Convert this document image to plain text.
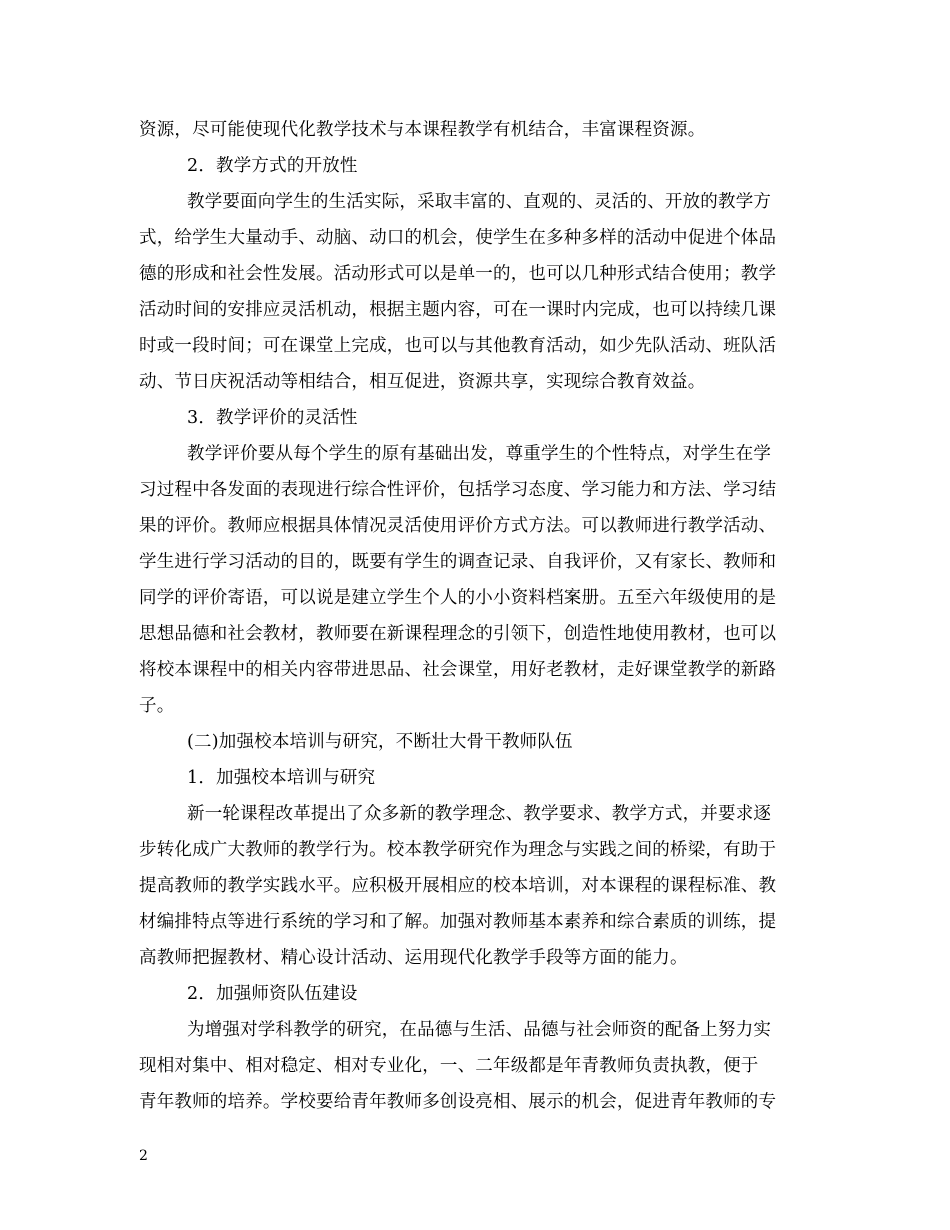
资源，尽可能使现代化教学技术与本课程教学有机结合，丰富课程资源。
2．教学方式的开放性
教学要面向学生的生活实际，采取丰富的、直观的、灵活的、开放的教学方
式，给学生大量动手、动脑、动口的机会，使学生在多种多样的活动中促进个体品
德的形成和社会性发展。活动形式可以是单一的，也可以几种形式结合使用；教学
活动时间的安排应灵活机动，根据主题内容，可在一课时内完成，也可以持续几课
时或一段时间；可在课堂上完成，也可以与其他教育活动，如少先队活动、班队活
动、节日庆祝活动等相结合，相互促进，资源共享，实现综合教育效益。
3．教学评价的灵活性
教学评价要从每个学生的原有基础出发，尊重学生的个性特点，对学生在学
习过程中各发面的表现进行综合性评价，包括学习态度、学习能力和方法、学习结
果的评价。教师应根据具体情况灵活使用评价方式方法。可以教师进行教学活动、
学生进行学习活动的目的，既要有学生的调查记录、自我评价，又有家长、教师和
同学的评价寄语，可以说是建立学生个人的小小资料档案册。五至六年级使用的是
思想品德和社会教材，教师要在新课程理念的引领下，创造性地使用教材，也可以
将校本课程中的相关内容带进思品、社会课堂，用好老教材，走好课堂教学的新路
子。
(二)加强校本培训与研究，不断壮大骨干教师队伍
1．加强校本培训与研究
新一轮课程改革提出了众多新的教学理念、教学要求、教学方式，并要求逐
步转化成广大教师的教学行为。校本教学研究作为理念与实践之间的桥梁，有助于
提高教师的教学实践水平。应积极开展相应的校本培训，对本课程的课程标准、教
材编排特点等进行系统的学习和了解。加强对教师基本素养和综合素质的训练，提
高教师把握教材、精心设计活动、运用现代化教学手段等方面的能力。
2．加强师资队伍建设
为增强对学科教学的研究，在品德与生活、品德与社会师资的配备上努力实
现相对集中、相对稳定、相对专业化，一、二年级都是年青教师负责执教，便于
青年教师的培养。学校要给青年教师多创设亮相、展示的机会，促进青年教师的专
2
